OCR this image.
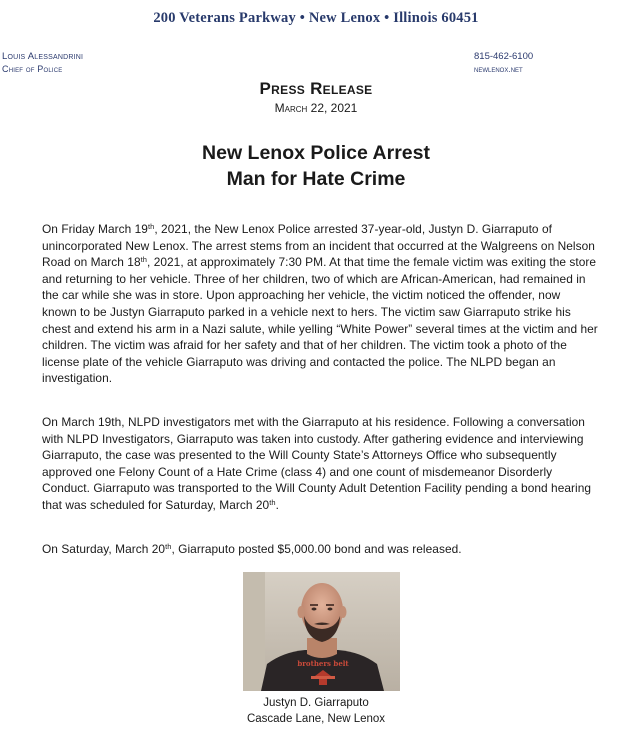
200 Veterans Parkway • New Lenox • Illinois 60451
Louis Alessandrini
Chief of Police
815-462-6100
newlenox.net
Press Release
March 22, 2021
New Lenox Police Arrest
Man for Hate Crime

On Friday March 19th, 2021, the New Lenox Police arrested 37-year-old, Justyn D. Giarraputo of unincorporated New Lenox. The arrest stems from an incident that occurred at the Walgreens on Nelson Road on March 18th, 2021, at approximately 7:30 PM. At that time the female victim was exiting the store and returning to her vehicle. Three of her children, two of which are African-American, had remained in the car while she was in store. Upon approaching her vehicle, the victim noticed the offender, now known to be Justyn Giarraputo parked in a vehicle next to hers. The victim saw Giarraputo strike his chest and extend his arm in a Nazi salute, while yelling “White Power” several times at the victim and her children. The victim was afraid for her safety and that of her children. The victim took a photo of the license plate of the vehicle Giarraputo was driving and contacted the police. The NLPD began an investigation.

On March 19th, NLPD investigators met with the Giarraputo at his residence. Following a conversation with NLPD Investigators, Giarraputo was taken into custody. After gathering evidence and interviewing Giarraputo, the case was presented to the Will County State’s Attorneys Office who subsequently approved one Felony Count of a Hate Crime (class 4) and one count of misdemeanor Disorderly Conduct. Giarraputo was transported to the Will County Adult Detention Facility pending a bond hearing that was scheduled for Saturday, March 20th.

On Saturday, March 20th, Giarraputo posted $5,000.00 bond and was released.

brothers belt
Justyn D. Giarraputo
Cascade Lane, New Lenox
